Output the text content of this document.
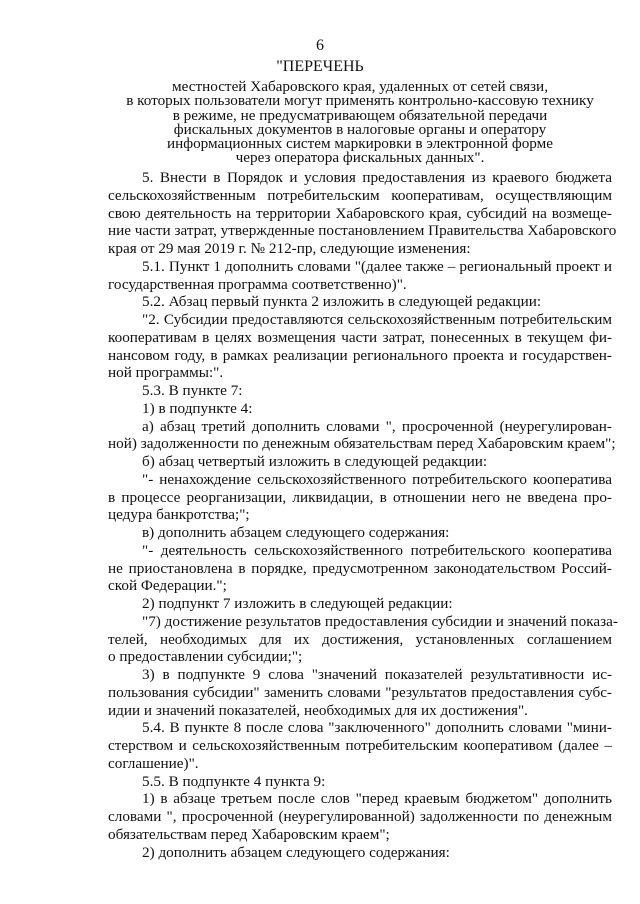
6
"ПЕРЕЧЕНЬ
местностей Хабаровского края, удаленных от сетей связи,
в которых пользователи могут применять контрольно-кассовую технику
в режиме, не предусматривающем обязательной передачи
фискальных документов в налоговые органы и оператору
информационных систем маркировки в электронной форме
через оператора фискальных данных".
5. Внести в Порядок и условия предоставления из краевого бюджета
сельскохозяйственным потребительским кооперативам, осуществляющим
свою деятельность на территории Хабаровского края, субсидий на возмеще-
ние части затрат, утвержденные постановлением Правительства Хабаровского
края от 29 мая 2019 г. № 212-пр, следующие изменения:
5.1. Пункт 1 дополнить словами "(далее также – региональный проект и
государственная программа соответственно)".
5.2. Абзац первый пункта 2 изложить в следующей редакции:
"2. Субсидии предоставляются сельскохозяйственным потребительским
кооперативам в целях возмещения части затрат, понесенных в текущем фи-
нансовом году, в рамках реализации регионального проекта и государствен-
ной программы:".
5.3. В пункте 7:
1) в подпункте 4:
а) абзац третий дополнить словами ", просроченной (неурегулирован-
ной) задолженности по денежным обязательствам перед Хабаровским краем";
б) абзац четвертый изложить в следующей редакции:
"- ненахождение сельскохозяйственного потребительского кооператива
в процессе реорганизации, ликвидации, в отношении него не введена про-
цедура банкротства;";
в) дополнить абзацем следующего содержания:
"- деятельность сельскохозяйственного потребительского кооператива
не приостановлена в порядке, предусмотренном законодательством Россий-
ской Федерации.";
2) подпункт 7 изложить в следующей редакции:
"7) достижение результатов предоставления субсидии и значений показа-
телей, необходимых для их достижения, установленных соглашением
о предоставлении субсидии;";
3) в подпункте 9 слова "значений показателей результативности ис-
пользования субсидии" заменить словами "результатов предоставления субс-
идии и значений показателей, необходимых для их достижения".
5.4. В пункте 8 после слова "заключенного" дополнить словами "мини-
стерством и сельскохозяйственным потребительским кооперативом (далее –
соглашение)".
5.5. В подпункте 4 пункта 9:
1) в абзаце третьем после слов "перед краевым бюджетом" дополнить
словами ", просроченной (неурегулированной) задолженности по денежным
обязательствам перед Хабаровским краем";
2) дополнить абзацем следующего содержания:
